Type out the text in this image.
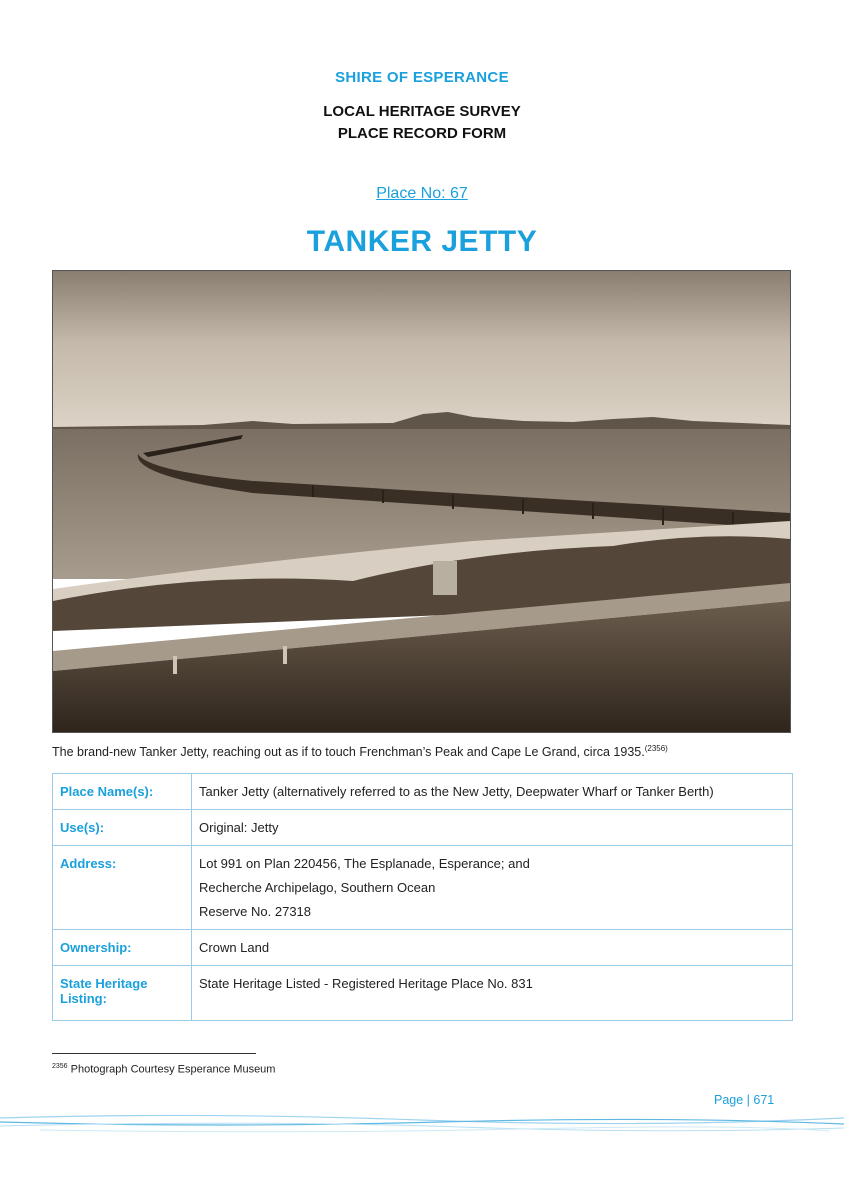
SHIRE OF ESPERANCE
LOCAL HERITAGE SURVEY
PLACE RECORD FORM
Place No: 67
TANKER JETTY
The brand-new Tanker Jetty, reaching out as if to touch Frenchman’s Peak and Cape Le Grand, circa 1935.$^{(2356)}$
Place Name(s):	Tanker Jetty (alternatively referred to as the New Jetty, Deepwater Wharf or Tanker Berth)
Use(s):	Original: Jetty
Address:	Lot 991 on Plan 220456, The Esplanade, Esperance; and
Recherche Archipelago, Southern Ocean
Reserve No. 27318

Ownership:	Crown Land

State Heritage
Listing:	State Heritage Listed - Registered Heritage Place No. 831
$^{2356}$ Photograph Courtesy Esperance Museum
Page | 671
